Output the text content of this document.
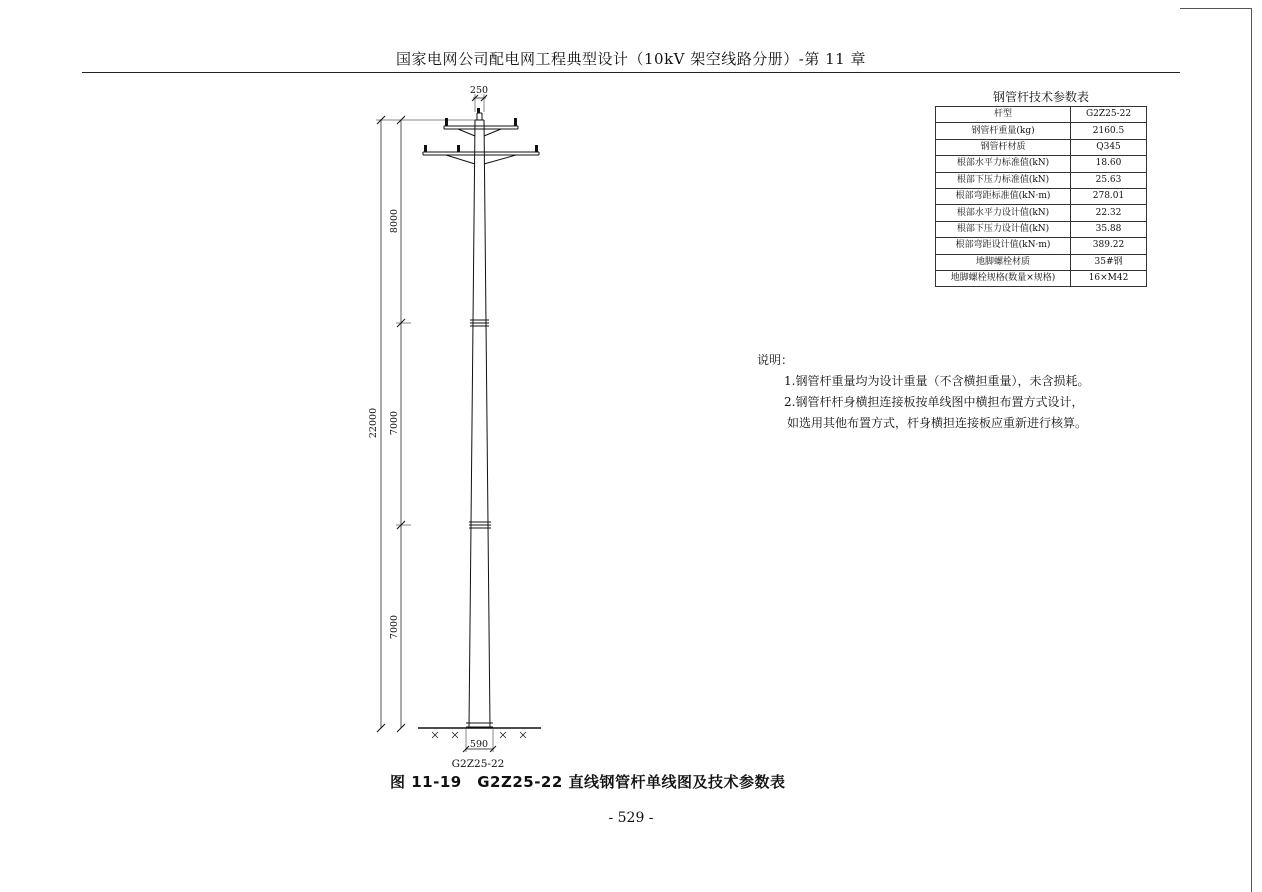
国家电网公司配电网工程典型设计（10kV 架空线路分册）-第 11 章
250
590
G2Z25-22
22000
8000
7000
7000
钢管杆技术参数表
杆型	G2Z25-22
钢管杆重量(kg)	2160.5
钢管杆材质	Q345
根部水平力标准值(kN)	18.60
根部下压力标准值(kN)	25.63
根部弯距标准值(kN·m)	278.01
根部水平力设计值(kN)	22.32
根部下压力设计值(kN)	35.88
根部弯距设计值(kN·m)	389.22
地脚螺栓材质	35#钢
地脚螺栓规格(数量×规格)	16×M42
说明：
1.钢管杆重量均为设计重量（不含横担重量），未含损耗。
2.钢管杆杆身横担连接板按单线图中横担布置方式设计，
如选用其他布置方式，杆身横担连接板应重新进行核算。
图 11-19　G2Z25-22 直线钢管杆单线图及技术参数表
- 529 -
